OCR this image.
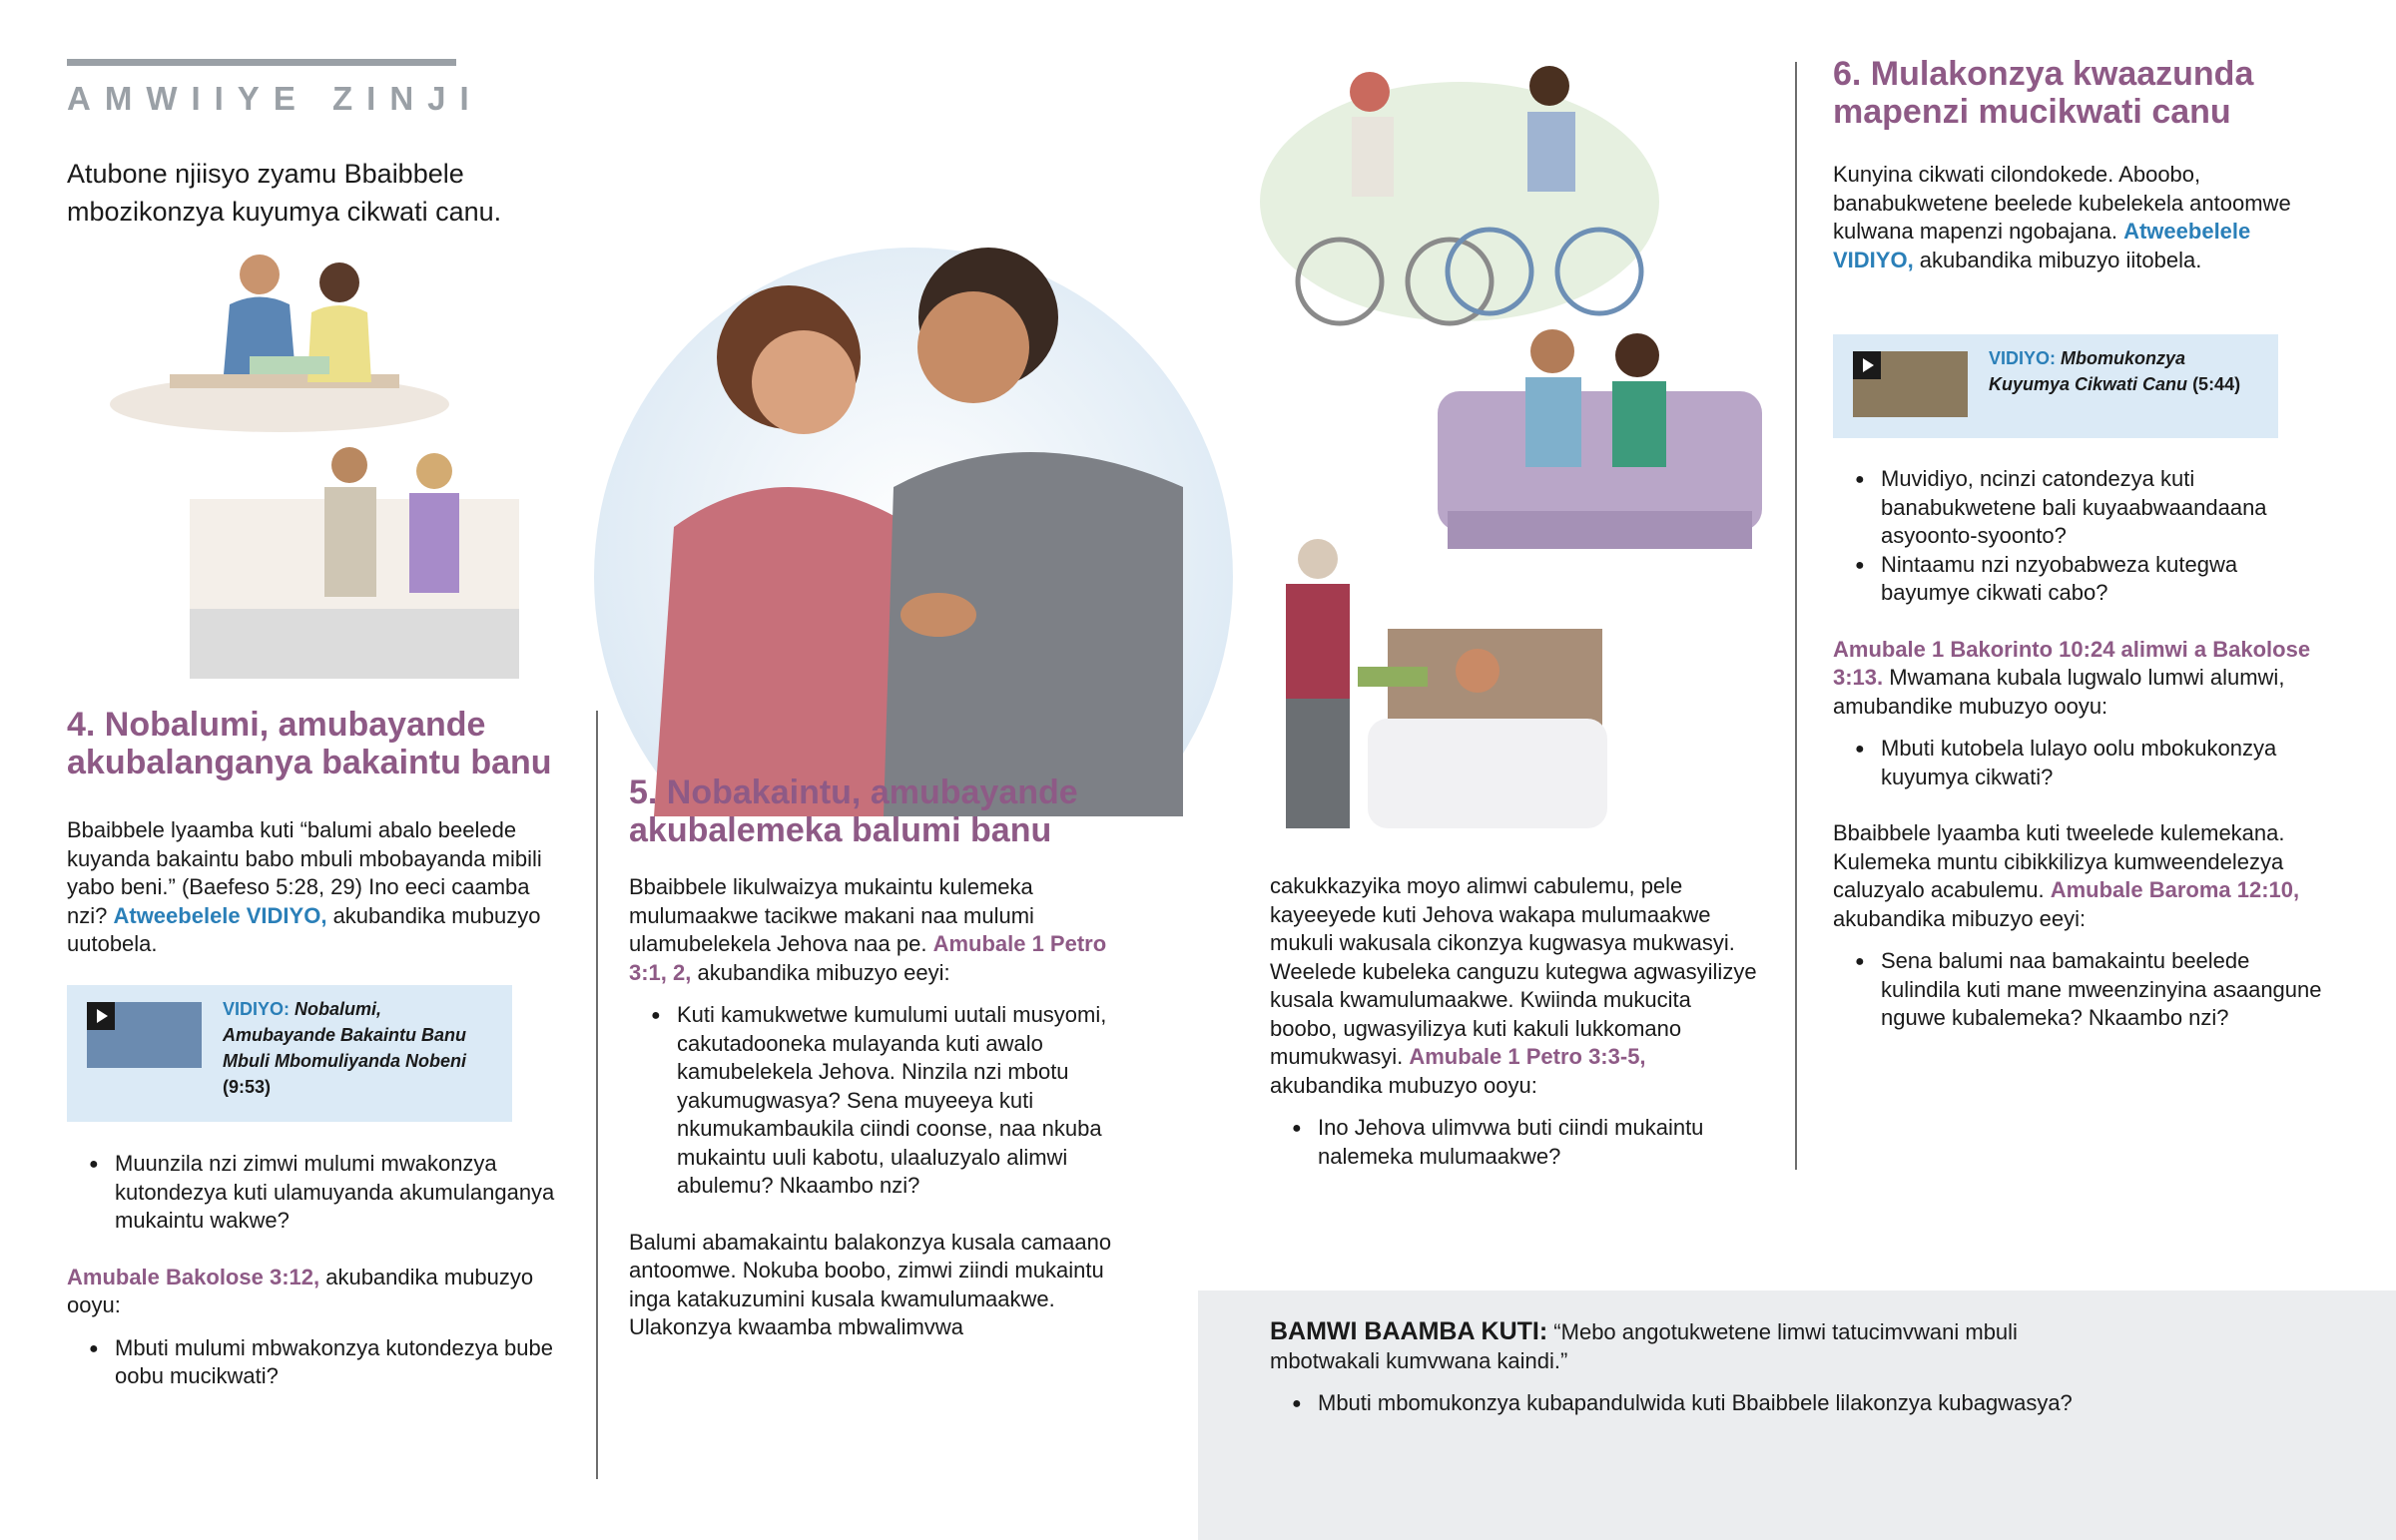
AMWIIYE ZINJI
Atubone njiisyo zyamu Bbaibbele mbozikonzya kuyumya cikwati canu.
4. Nobalumi, amubayande akubalanganya bakaintu banu

Bbaibbele lyaamba kuti “balumi abalo beelede kuyanda bakaintu babo mbuli mbobayanda mibili yabo beni.” (Baefeso 5:28, 29) Ino eeci caamba nzi? Atweebelele VIDIYO, akubandika mubuzyo uutobela.

VIDIYO: Nobalumi, Amubayande Bakaintu Banu Mbuli Mbomuliyanda Nobeni (9:53)
● Muunzila nzi zimwi mulumi mwakonzya kutondezya kuti ulamuyanda akumulanganya mukaintu wakwe?

Amubale Bakolose 3:12, akubandika mubuzyo ooyu:

● Mbuti mulumi mbwakonzya kutondezya bube oobu mucikwati?
5. Nobakaintu, amubayande akubalemeka balumi banu

Bbaibbele likulwaizya mukaintu kulemeka mulumaakwe tacikwe makani naa mulumi ulamubelekela Jehova naa pe. Amubale 1 Petro 3:1, 2, akubandika mibuzyo eeyi:

● Kuti kamukwetwe kumulumi uutali musyomi, cakutadooneka mulayanda kuti awalo kamubelekela Jehova. Ninzila nzi mbotu yakumugwasya? Sena muyeeya kuti nkumukambaukila ciindi coonse, naa nkuba mukaintu uuli kabotu, ulaaluzyalo alimwi abulemu? Nkaambo nzi?

Balumi abamakaintu balakonzya kusala camaano antoomwe. Nokuba boobo, zimwi ziindi mukaintu inga katakuzumini kusala kwamulumaakwe. Ulakonzya kwaamba mbwalimvwa

cakukkazyika moyo alimwi cabulemu, pele kayeeyede kuti Jehova wakapa mulumaakwe mukuli wakusala cikonzya kugwasya mukwasyi. Weelede kubeleka canguzu kutegwa agwasyilizye kusala kwamulumaakwe. Kwiinda mukucita boobo, ugwasyilizya kuti kakuli lukkomano mumukwasyi. Amubale 1 Petro 3:3-5, akubandika mubuzyo ooyu:

● Ino Jehova ulimvwa buti ciindi mukaintu nalemeka mulumaakwe?
6. Mulakonzya kwaazunda mapenzi mucikwati canu

Kunyina cikwati cilondokede. Aboobo, banabukwetene beelede kubelekela antoomwe kulwana mapenzi ngobajana. Atweebelele VIDIYO, akubandika mibuzyo iitobela.

VIDIYO: Mbomukonzya Kuyumya Cikwati Canu (5:44)
● Muvidiyo, ncinzi catondezya kuti banabukwetene bali kuyaabwaandaana asyoonto-syoonto?
● Nintaamu nzi nzyobabweza kutegwa bayumye cikwati cabo?

Amubale 1 Bakorinto 10:24 alimwi a Bakolose 3:13. Mwamana kubala lugwalo lumwi alumwi, amubandike mubuzyo ooyu:

● Mbuti kutobela lulayo oolu mbokukonzya kuyumya cikwati?

Bbaibbele lyaamba kuti tweelede kulemekana. Kulemeka muntu cibikkilizya kumweendelezya caluzyalo acabulemu. Amubale Baroma 12:10, akubandika mibuzyo eeyi:

● Sena balumi naa bamakaintu beelede kulindila kuti mane mweenzinyina asaangune nguwe kubalemeka? Nkaambo nzi?

BAMWI BAAMBA KUTI: “Mebo angotukwetene limwi tatucimvwani mbuli mbotwakali kumvwana kaindi.”

● Mbuti mbomukonzya kubapandulwida kuti Bbaibbele lilakonzya kubagwasya?
